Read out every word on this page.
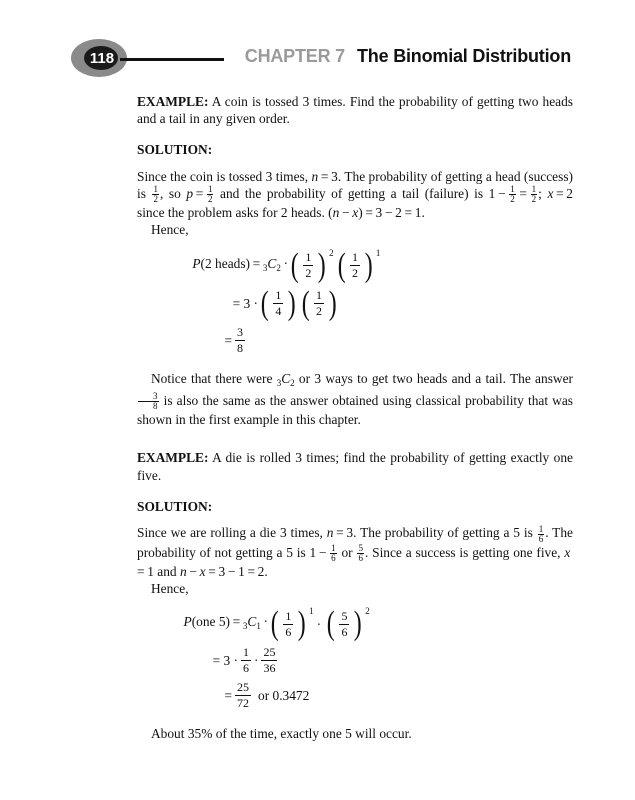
118	CHAPTER 7 The Binomial Distribution

EXAMPLE: A coin is tossed 3 times. Find the probability of getting two heads and a tail in any given order.

SOLUTION:

Since the coin is tossed 3 times, n = 3. The probability of getting a head (success) is $\frac{1}{2}$ , so $p = \frac{1}{2}$ and the probability of getting a tail (failure) is $1 - \frac{1}{2} = \frac{1}{2}$ ; x = 2 since the problem asks for 2 heads. (n − x) = 3 − 2 = 1.

Hence,

P(2 heads) = $_3C_2$ · ( 1
2 ) $^2$ ( 1
2 ) $^1$
= 3 · ( 1
4 ) ( 1
2 )
= $\frac{3}{8}$

Notice that there were $_3C_2$ or 3 ways to get two heads and a tail. The answer
$\frac{3}{8}$ is also the same as the answer obtained using classical probability that was shown in the first example in this chapter.

EXAMPLE: A die is rolled 3 times; find the probability of getting exactly one five.

SOLUTION:

Since we are rolling a die 3 times, n = 3. The probability of getting a 5 is $\frac{1}{6}$ . The probability of not getting a 5 is $1 - \frac{1}{6}$ or $\frac{5}{6}$ . Since a success is getting one five, x = 1 and n − x = 3 − 1 = 2.

Hence,

P(one $5) = _3C_1$ · ( 1
6 ) $^1$
· ( 5
6 ) $^2$
= 3 ·
1
6
·
25
36
= $\frac{25}{72}$ or 0.3472

About 35% of the time, exactly one 5 will occur.
